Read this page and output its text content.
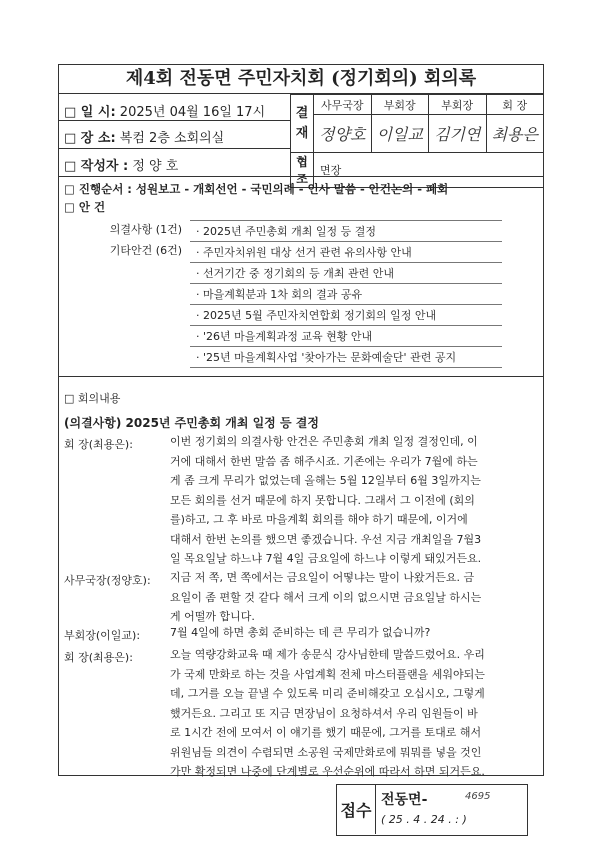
제4회 전동면 주민자치회 (정기회의) 회의록
□ 일 시: 2025년 04월 16일 17시
□ 장 소: 복컴 2층 소회의실
□ 작성자 : 정 양 호
결
재	사무국장	부회장	부회장	회 장
	정양호	이일교	김기연	최용은
협조	면장			
□ 진행순서 : 성원보고 - 개회선언 - 국민의례 - 인사 말씀 - 안건논의 - 폐회
□ 안 건
의결사항 (1건)	· 2025년 주민총회 개최 일정 등 결정
기타안건 (6건)	· 주민자치위원 대상 선거 관련 유의사항 안내
	· 선거기간 중 정기회의 등 개최 관련 안내
	· 마을계획분과 1차 회의 결과 공유
	· 2025년 5월 주민자치연합회 정기회의 일정 안내
	· '26년 마을계획과정 교육 현황 안내
	· '25년 마을계획사업 '찾아가는 문화예술단' 관련 공지
□ 회의내용
(의결사항) 2025년 주민총회 개최 일정 등 결정
회 장(최용은):	이번 정기회의 의결사항 안건은 주민총회 개최 일정 결정인데, 이
거에 대해서 한번 말씀 좀 해주시죠. 기존에는 우리가 7월에 하는
게 좀 크게 무리가 없었는데 올해는 5월 12일부터 6월 3일까지는
모든 회의를 선거 때문에 하지 못합니다. 그래서 그 이전에 (회의
를)하고, 그 후 바로 마을계획 회의를 해야 하기 때문에, 이거에
대해서 한번 논의를 했으면 좋겠습니다. 우선 지금 개최일을 7월3
일 목요일날 하느냐 7월 4일 금요일에 하느냐 이렇게 돼있거든요.
사무국장(정양호): 지금 저 쪽, 면 쪽에서는 금요일이 어떻냐는 말이 나왔거든요. 금
요일이 좀 편할 것 같다 해서 크게 이의 없으시면 금요일날 하시는
게 어떨까 합니다.
부회장(이일교):	7월 4일에 하면 총회 준비하는 데 큰 무리가 없습니까?
회 장(최용은):	오늘 역량강화교육 때 제가 송문식 강사님한테 말씀드렸어요. 우리
가 국제 만화로 하는 것을 사업계획 전체 마스터플랜을 세워야되는
데, 그거를 오늘 끝낼 수 있도록 미리 준비해갖고 오십시오, 그렇게
했거든요. 그리고 또 지금 면장님이 요청하셔서 우리 임원들이 바
로 1시간 전에 모여서 이 얘기를 했기 때문에, 그거를 토대로 해서
위원님들 의견이 수렴되면 소공원 국제만화로에 뭐뭐를 넣을 것인
가만 확정되면 나중에 단계별로 우선순위에 따라서 하면 되거든요.
접수
전동면-	4695
( 25 . 4 . 24 . : )
